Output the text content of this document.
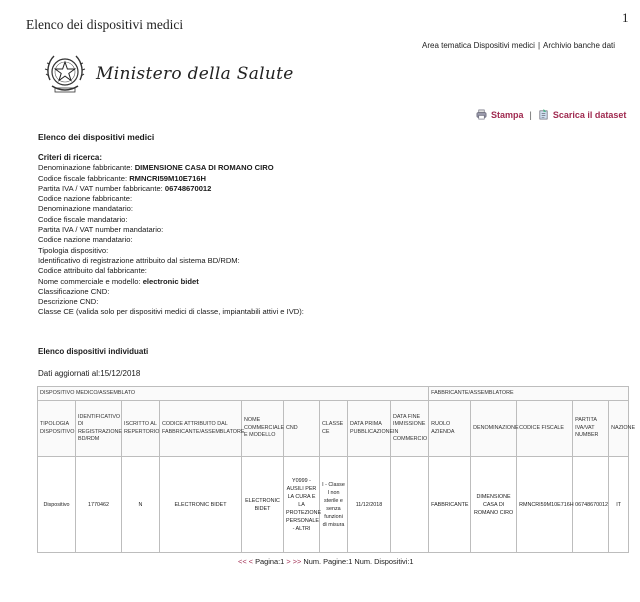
Elenco dei dispositivi medici	1
Area tematica Dispositivi medici | Archivio banche dati
Ministero della Salute
Stampa | Scarica il dataset
Elenco dei dispositivi medici
Criteri di ricerca:
Denominazione fabbricante: DIMENSIONE CASA DI ROMANO CIRO
Codice fiscale fabbricante: RMNCRI59M10E716H
Partita IVA / VAT number fabbricante: 06748670012
Codice nazione fabbricante:
Denominazione mandatario:
Codice fiscale mandatario:
Partita IVA / VAT number mandatario:
Codice nazione mandatario:
Tipologia dispositivo:
Identificativo di registrazione attribuito dal sistema BD/RDM:
Codice attribuito dal fabbricante:
Nome commerciale e modello: electronic bidet
Classificazione CND:
Descrizione CND:
Classe CE (valida solo per dispositivi medici di classe, impiantabili attivi e IVD):
Elenco dispositivi individuati
Dati aggiornati al:15/12/2018
DISPOSITIVO MEDICO/ASSEMBLATO									FABBRICANTE/ASSEMBLATORE				
TIPOLOGIA DISPOSITIVO	IDENTIFICATIVO DI REGISTRAZIONE BD/RDM	ISCRITTO AL REPERTORIO	CODICE ATTRIBUITO DAL FABBRICANTE/ASSEMBLATORE	NOME COMMERCIALE E MODELLO	CND	CLASSE CE	DATA PRIMA PUBBLICAZIONE	DATA FINE IMMISSIONE IN COMMERCIO	RUOLO AZIENDA	DENOMINAZIONE	CODICE FISCALE	PARTITA IVA/VAT NUMBER	NAZIONE
Dispositivo	1770462	N	ELECTRONIC BIDET	ELECTRONIC BIDET	Y0999 - AUSILI PER LA CURA E LA PROTEZIONE PERSONALE - ALTRI	I - Classe I non sterile e senza funzioni di misura	11/12/2018		FABBRICANTE	DIMENSIONE CASA DI ROMANO CIRO	RMNCRI59M10E716H	06748670012	IT
<< < Pagina:1 > >> Num. Pagine:1 Num. Dispositivi:1
